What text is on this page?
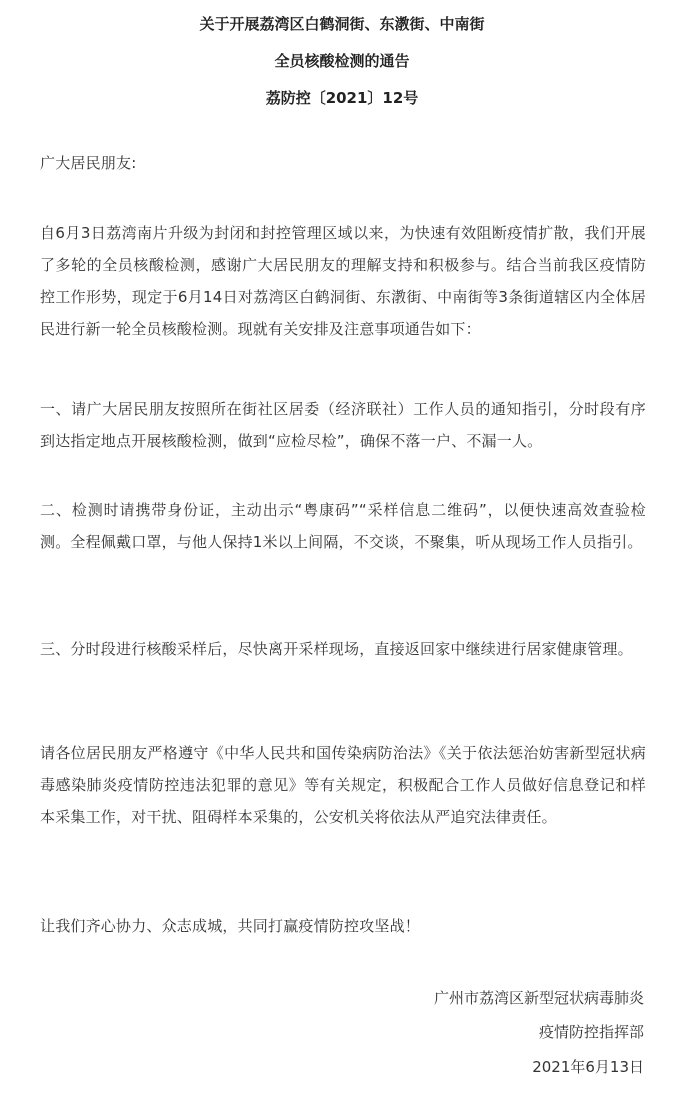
关于开展荔湾区白鹤洞街、东漖街、中南街
全员核酸检测的通告
荔防控〔2021〕12号
广大居民朋友:
自6月3日荔湾南片升级为封闭和封控管理区域以来，为快速有效阻断疫情扩散，我们开展了多轮的全员核酸检测，感谢广大居民朋友的理解支持和积极参与。结合当前我区疫情防控工作形势，现定于6月14日对荔湾区白鹤洞街、东漖街、中南街等3条街道辖区内全体居民进行新一轮全员核酸检测。现就有关安排及注意事项通告如下：
一、请广大居民朋友按照所在街社区居委（经济联社）工作人员的通知指引，分时段有序到达指定地点开展核酸检测，做到“应检尽检”，确保不落一户、不漏一人。
二、检测时请携带身份证，主动出示“粤康码”“采样信息二维码”，以便快速高效查验检测。全程佩戴口罩，与他人保持1米以上间隔，不交谈，不聚集，听从现场工作人员指引。
三、分时段进行核酸采样后，尽快离开采样现场，直接返回家中继续进行居家健康管理。
请各位居民朋友严格遵守《中华人民共和国传染病防治法》《关于依法惩治妨害新型冠状病毒感染肺炎疫情防控违法犯罪的意见》等有关规定，积极配合工作人员做好信息登记和样本采集工作，对干扰、阻碍样本采集的，公安机关将依法从严追究法律责任。
让我们齐心协力、众志成城，共同打赢疫情防控攻坚战！
广州市荔湾区新型冠状病毒肺炎
疫情防控指挥部
2021年6月13日
